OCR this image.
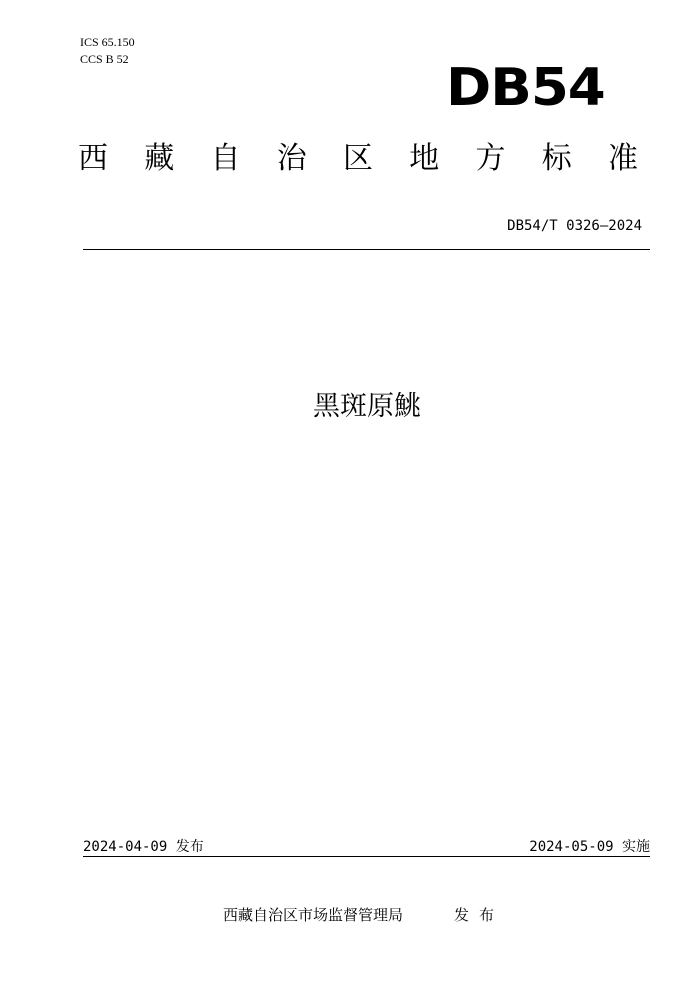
ICS 65.150
CCS B 52	DB54
西 藏 自 治 区 地 方 标 准
DB54/T 0326—2024
黑斑原鮡
2024-04-09 发布	2024-05-09 实施
西藏自治区市场监督管理局	发布
